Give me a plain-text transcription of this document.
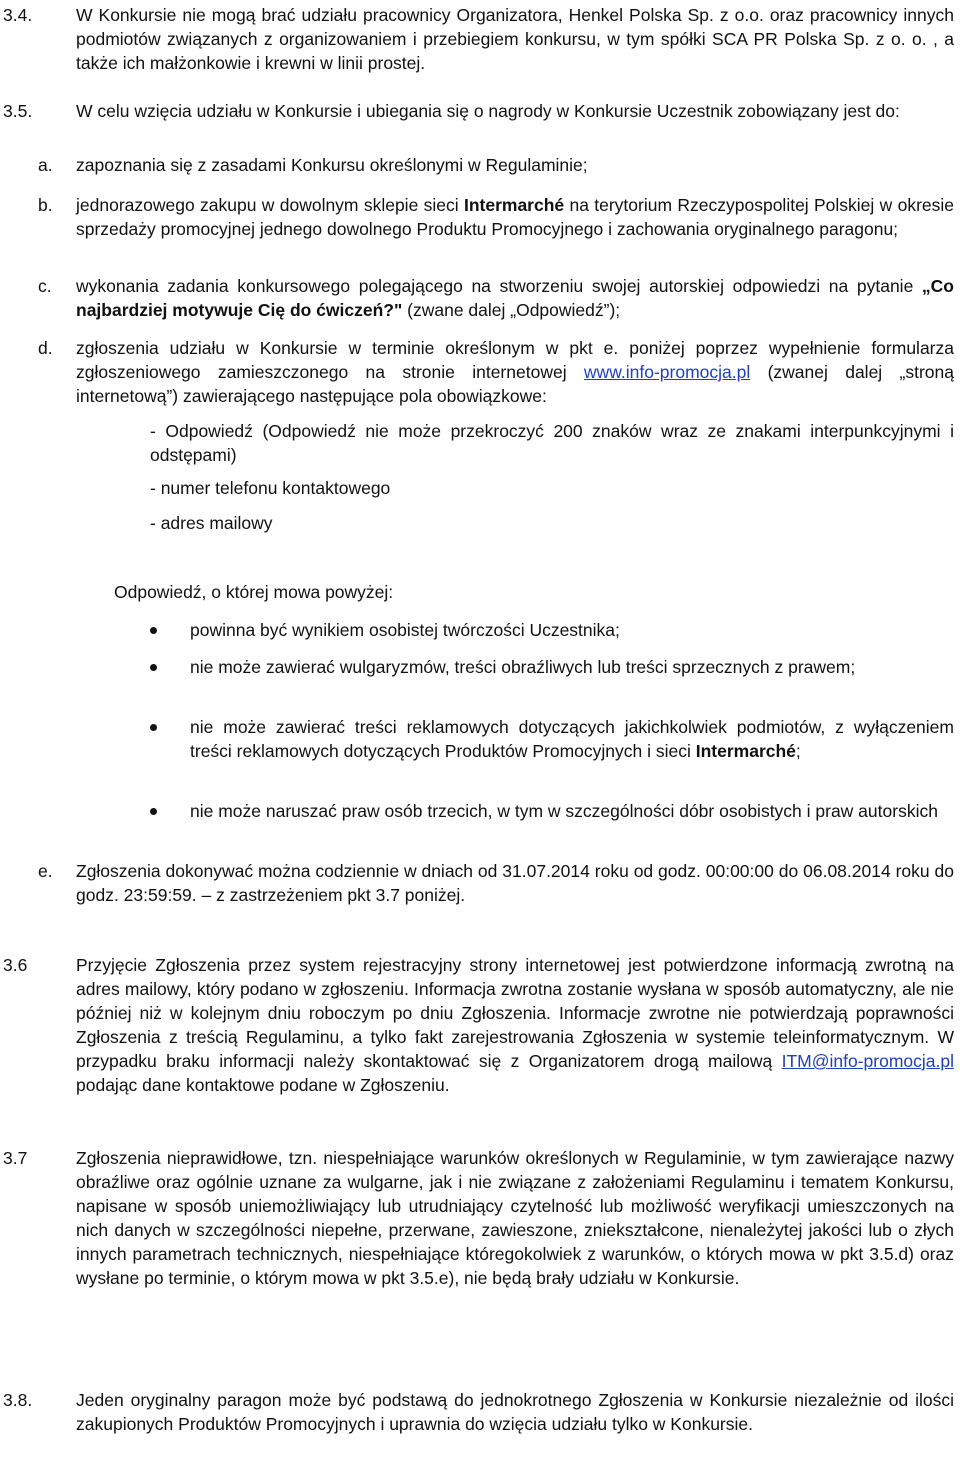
3.4.	W Konkursie nie mogą brać udziału pracownicy Organizatora, Henkel Polska Sp. z o.o. oraz pracownicy innych podmiotów związanych z organizowaniem i przebiegiem konkursu, w tym spółki SCA PR Polska Sp. z o. o. , a także ich małżonkowie i krewni w linii prostej.
3.5.	W celu wzięcia udziału w Konkursie i ubiegania się o nagrody w Konkursie Uczestnik zobowiązany jest do:
a. zapoznania się z zasadami Konkursu określonymi w Regulaminie;
b. jednorazowego zakupu w dowolnym sklepie sieci Intermarché na terytorium Rzeczypospolitej Polskiej w okresie sprzedaży promocyjnej jednego dowolnego Produktu Promocyjnego i zachowania oryginalnego paragonu;
c. wykonania zadania konkursowego polegającego na stworzeniu swojej autorskiej odpowiedzi na pytanie „Co najbardziej motywuje Cię do ćwiczeń?" (zwane dalej „Odpowiedź”);
d. zgłoszenia udziału w Konkursie w terminie określonym w pkt e. poniżej poprzez wypełnienie formularza zgłoszeniowego zamieszczonego na stronie internetowej www.info-promocja.pl (zwanej dalej „stroną internetową”) zawierającego następujące pola obowiązkowe:
- Odpowiedź (Odpowiedź nie może przekroczyć 200 znaków wraz ze znakami interpunkcyjnymi i odstępami)
- numer telefonu kontaktowego
- adres mailowy
Odpowiedź, o której mowa powyżej:
powinna być wynikiem osobistej twórczości Uczestnika;
nie może zawierać wulgaryzmów, treści obraźliwych lub treści sprzecznych z prawem;
nie może zawierać treści reklamowych dotyczących jakichkolwiek podmiotów, z wyłączeniem treści reklamowych dotyczących Produktów Promocyjnych i sieci Intermarché;
nie może naruszać praw osób trzecich, w tym w szczególności dóbr osobistych i praw autorskich
e. Zgłoszenia dokonywać można codziennie w dniach od 31.07.2014 roku od godz. 00:00:00 do 06.08.2014 roku do godz. 23:59:59. – z zastrzeżeniem pkt 3.7 poniżej.
3.6	Przyjęcie Zgłoszenia przez system rejestracyjny strony internetowej jest potwierdzone informacją zwrotną na adres mailowy, który podano w zgłoszeniu. Informacja zwrotna zostanie wysłana w sposób automatyczny, ale nie później niż w kolejnym dniu roboczym po dniu Zgłoszenia. Informacje zwrotne nie potwierdzają poprawności Zgłoszenia z treścią Regulaminu, a tylko fakt zarejestrowania Zgłoszenia w systemie teleinformatycznym. W przypadku braku informacji należy skontaktować się z Organizatorem drogą mailową ITM@info-promocja.pl podając dane kontaktowe podane w Zgłoszeniu.
3.7	Zgłoszenia nieprawidłowe, tzn. niespełniające warunków określonych w Regulaminie, w tym zawierające nazwy obraźliwe oraz ogólnie uznane za wulgarne, jak i nie związane z założeniami Regulaminu i tematem Konkursu, napisane w sposób uniemożliwiający lub utrudniający czytelność lub możliwość weryfikacji umieszczonych na nich danych w szczególności niepełne, przerwane, zawieszone, zniekształcone, nienależytej jakości lub o złych innych parametrach technicznych, niespełniające któregokolwiek z warunków, o których mowa w pkt 3.5.d) oraz wysłane po terminie, o którym mowa w pkt 3.5.e), nie będą brały udziału w Konkursie.
3.8.	Jeden oryginalny paragon może być podstawą do jednokrotnego Zgłoszenia w Konkursie niezależnie od ilości zakupionych Produktów Promocyjnych i uprawnia do wzięcia udziału tylko w Konkursie.
